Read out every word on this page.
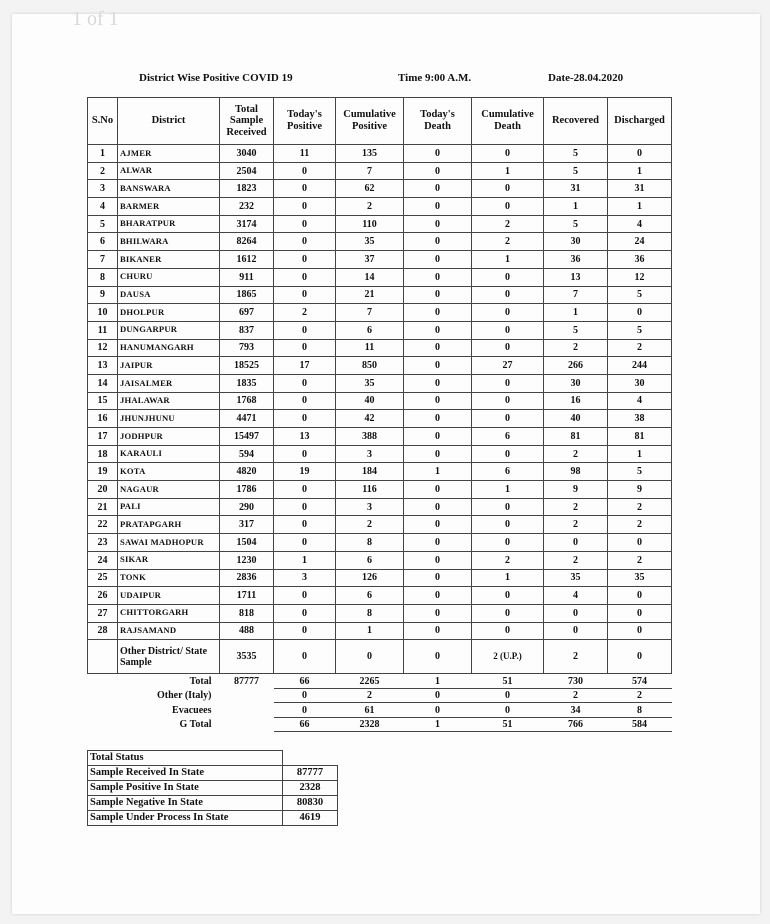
1 of 1
District Wise Positive COVID 19	Time 9:00 A.M.	Date-28.04.2020
S.No	District	Total Sample Received	Today's Positive	Cumulative Positive	Today's Death	Cumulative Death	Recovered	Discharged
1	AJMER	3040	11	135	0	0	5	0
2	ALWAR	2504	0	7	0	1	5	1
3	BANSWARA	1823	0	62	0	0	31	31
4	BARMER	232	0	2	0	0	1	1
5	BHARATPUR	3174	0	110	0	2	5	4
6	BHILWARA	8264	0	35	0	2	30	24
7	BIKANER	1612	0	37	0	1	36	36
8	CHURU	911	0	14	0	0	13	12
9	DAUSA	1865	0	21	0	0	7	5
10	DHOLPUR	697	2	7	0	0	1	0
11	DUNGARPUR	837	0	6	0	0	5	5
12	HANUMANGARH	793	0	11	0	0	2	2
13	JAIPUR	18525	17	850	0	27	266	244
14	JAISALMER	1835	0	35	0	0	30	30
15	JHALAWAR	1768	0	40	0	0	16	4
16	JHUNJHUNU	4471	0	42	0	0	40	38
17	JODHPUR	15497	13	388	0	6	81	81
18	KARAULI	594	0	3	0	0	2	1
19	KOTA	4820	19	184	1	6	98	5
20	NAGAUR	1786	0	116	0	1	9	9
21	PALI	290	0	3	0	0	2	2
22	PRATAPGARH	317	0	2	0	0	2	2
23	SAWAI MADHOPUR	1504	0	8	0	0	0	0
24	SIKAR	1230	1	6	0	2	2	2
25	TONK	2836	3	126	0	1	35	35
26	UDAIPUR	1711	0	6	0	0	4	0
27	CHITTORGARH	818	0	8	0	0	0	0
28	RAJSAMAND	488	0	1	0	0	0	0
	Other District/ State Sample	3535	0	0	0	2 (U.P.)	2	0
	Total	87777	66	2265	1	51	730	574
	Other (Italy)		0	2	0	0	2	2
	Evacuees		0	61	0	0	34	8
	G Total		66	2328	1	51	766	584
Total Status	
Sample Received In State	87777
Sample Positive In State	2328
Sample Negative In State	80830
Sample Under Process In State	4619
